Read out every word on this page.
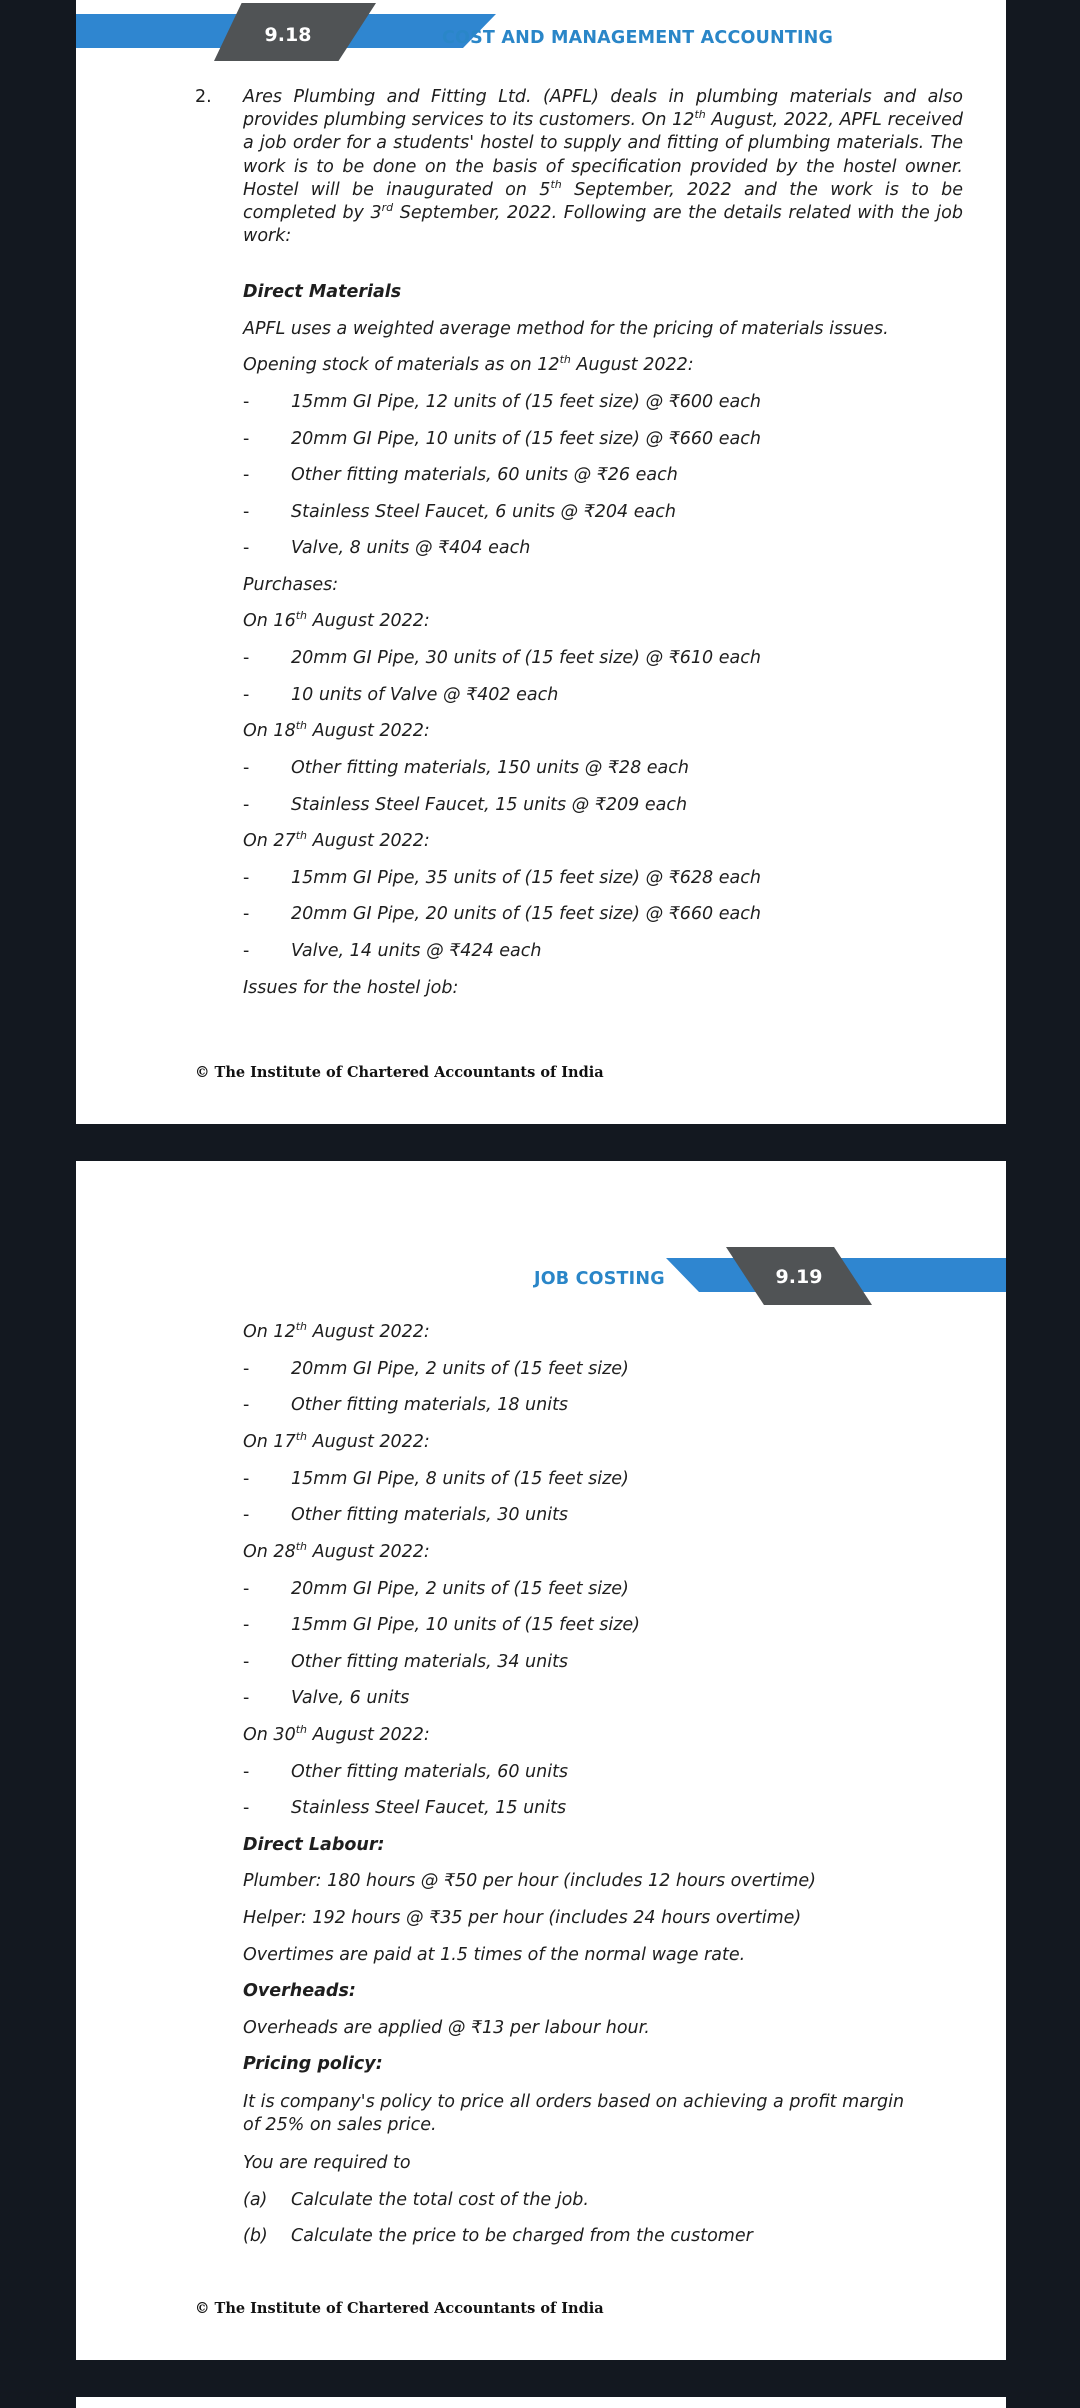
9.18	COST AND MANAGEMENT ACCOUNTING
2. Ares Plumbing and Fitting Ltd. (APFL) deals in plumbing materials and also provides plumbing services to its customers. On 12th August, 2022, APFL received a job order for a students' hostel to supply and fitting of plumbing materials. The work is to be done on the basis of specification provided by the hostel owner. Hostel will be inaugurated on 5th September, 2022 and the work is to be completed by 3rd September, 2022. Following are the details related with the job work:
Direct Materials
APFL uses a weighted average method for the pricing of materials issues.
Opening stock of materials as on 12th August 2022:
- 15mm GI Pipe, 12 units of (15 feet size) @ ₹600 each
- 20mm GI Pipe, 10 units of (15 feet size) @ ₹660 each
- Other fitting materials, 60 units @ ₹26 each
- Stainless Steel Faucet, 6 units @ ₹204 each
- Valve, 8 units @ ₹404 each
Purchases:
On 16th August 2022:
- 20mm GI Pipe, 30 units of (15 feet size) @ ₹610 each
- 10 units of Valve @ ₹402 each
On 18th August 2022:
- Other fitting materials, 150 units @ ₹28 each
- Stainless Steel Faucet, 15 units @ ₹209 each
On 27th August 2022:
- 15mm GI Pipe, 35 units of (15 feet size) @ ₹628 each
- 20mm GI Pipe, 20 units of (15 feet size) @ ₹660 each
- Valve, 14 units @ ₹424 each
Issues for the hostel job:
© The Institute of Chartered Accountants of India
9.19
JOB COSTING
On 12th August 2022:
- 20mm GI Pipe, 2 units of (15 feet size)
- Other fitting materials, 18 units
On 17th August 2022:
- 15mm GI Pipe, 8 units of (15 feet size)
- Other fitting materials, 30 units
On 28th August 2022:
- 20mm GI Pipe, 2 units of (15 feet size)
- 15mm GI Pipe, 10 units of (15 feet size)
- Other fitting materials, 34 units
- Valve, 6 units
On 30th August 2022:
- Other fitting materials, 60 units
- Stainless Steel Faucet, 15 units
Direct Labour:
Plumber: 180 hours @ ₹50 per hour (includes 12 hours overtime)
Helper: 192 hours @ ₹35 per hour (includes 24 hours overtime)
Overtimes are paid at 1.5 times of the normal wage rate.
Overheads:
Overheads are applied @ ₹13 per labour hour.
Pricing policy:
It is company's policy to price all orders based on achieving a profit margin of 25% on sales price.
You are required to
(a) Calculate the total cost of the job.
(b) Calculate the price to be charged from the customer
© The Institute of Chartered Accountants of India
